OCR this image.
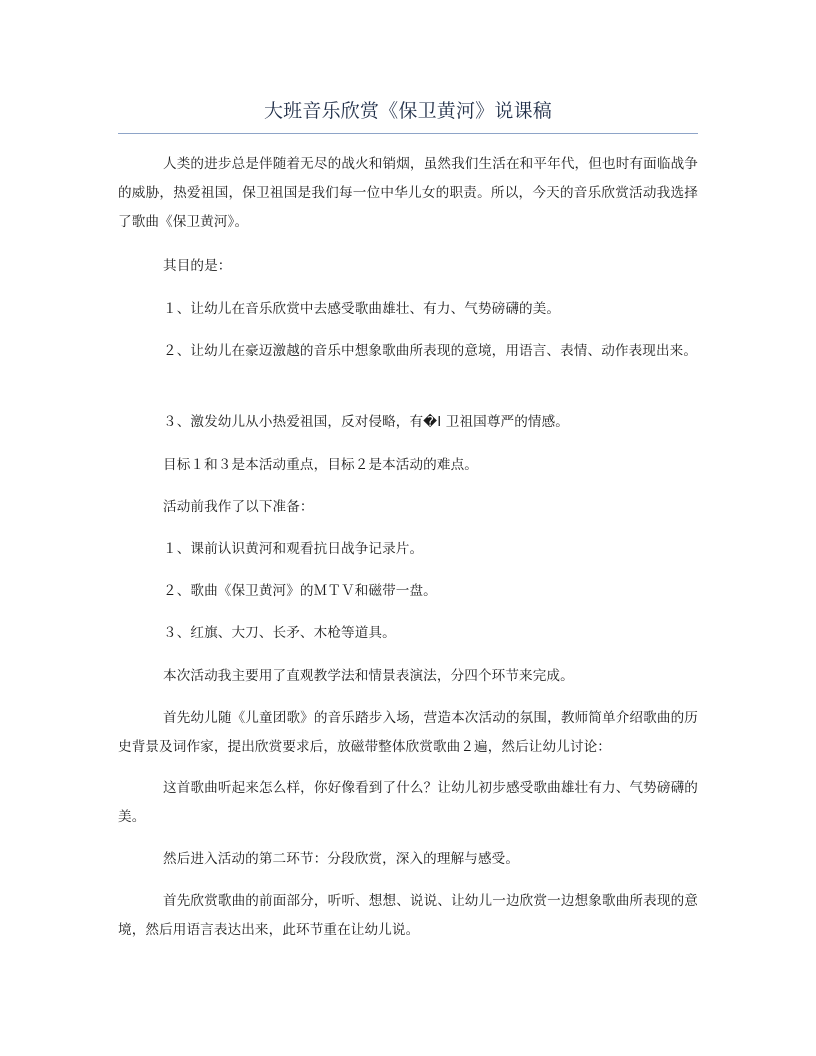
大班音乐欣赏《保卫黄河》说课稿
人类的进步总是伴随着无尽的战火和销烟，虽然我们生活在和平年代，但也时有面临战争的威胁，热爱祖国，保卫祖国是我们每一位中华儿女的职责。所以，今天的音乐欣赏活动我选择了歌曲《保卫黄河》。
其目的是：
１、让幼儿在音乐欣赏中去感受歌曲雄壮、有力、气势磅礴的美。
２、让幼儿在豪迈激越的音乐中想象歌曲所表现的意境，用语言、表情、动作表现出来。
３、激发幼儿从小热爱祖国，反对侵略，有�I 卫祖国尊严的情感。
目标１和３是本活动重点，目标２是本活动的难点。
活动前我作了以下准备：
１、课前认识黄河和观看抗日战争记录片。
２、歌曲《保卫黄河》的ＭＴＶ和磁带一盘。
３、红旗、大刀、长矛、木枪等道具。
本次活动我主要用了直观教学法和情景表演法，分四个环节来完成。
首先幼儿随《儿童团歌》的音乐踏步入场，营造本次活动的氛围，教师简单介绍歌曲的历史背景及词作家，提出欣赏要求后，放磁带整体欣赏歌曲２遍，然后让幼儿讨论：
这首歌曲听起来怎么样，你好像看到了什么？让幼儿初步感受歌曲雄壮有力、气势磅礴的美。
然后进入活动的第二环节：分段欣赏，深入的理解与感受。
首先欣赏歌曲的前面部分，听听、想想、说说、让幼儿一边欣赏一边想象歌曲所表现的意境，然后用语言表达出来，此环节重在让幼儿说。
